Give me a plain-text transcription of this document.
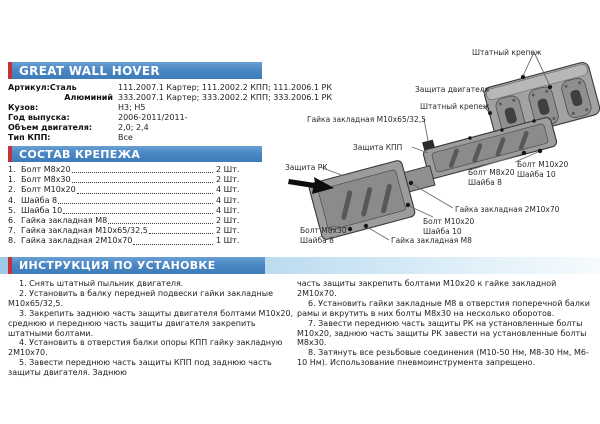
GREAT WALL HOVER
Артикул:Сталь	111.2007.1 Картер; 111.2002.2 КПП; 111.2006.1 РК
Алюминий 333.2007.1 Картер; 333.2002.2 КПП; 333.2006.1 РК
Кузов:	H3; H5
Год выпуска:	2006-2011/2011-
Объем двигателя:	2,0; 2,4
Тип КПП:	Все
СОСТАВ КРЕПЕЖА
1. Болт М8х20	2 Шт.
1. Болт М8х30	2 Шт.
2. Болт М10х20	4 Шт.
4. Шайба 8	4 Шт.
5. Шайба 10	4 Шт.
6. Гайка закладная М8	2 Шт.
7. Гайка закладная М10х65/32,5	2 Шт.
8. Гайка закладная 2М10х70	1 Шт.
ИНСТРУКЦИЯ ПО УСТАНОВКЕ

1. Снять штатный пыльник двигателя.

2. Установить в балку передней подвески гайки закладные М10х65/32,5.

3. Закрепить заднюю часть защиты двигателя болтами М10х20, среднюю и переднюю часть защиты двигателя закрепить штатными болтами.

4. Установить в отверстия балки опоры КПП гайку закладную 2М10х70.

5. Завести переднюю часть защиты КПП под заднюю часть защиты двигателя. Заднюю

часть защиты закрепить болтами М10х20 к гайке закладной 2М10х70.

6. Установить гайки закладные М8 в отверстия поперечной балки рамы и вкрутить в них болты М8х30 на несколько оборотов.

7. Завести переднюю часть защиты РК на установленные болты М10х20, заднюю часть защиты РК завести на установленные болты М8х30.

8. Затянуть все резьбовые соединения (М10-50 Нм, М8-30 Нм, М6-10 Нм). Использование пневмоинструмента запрещено.

Штатный крепеж
Защита двигателя
Штатный крепеж
Гайка закладная М10х65/32,5
Защита КПП
Защита РК
Болт М8х20
Шайба 8
Болт М10х20
Шайба 10
Гайка закладная 2М10х70
Болт М10х20
Шайба 10
Болт М8х30
Шайба 8	Гайка закладная М8
